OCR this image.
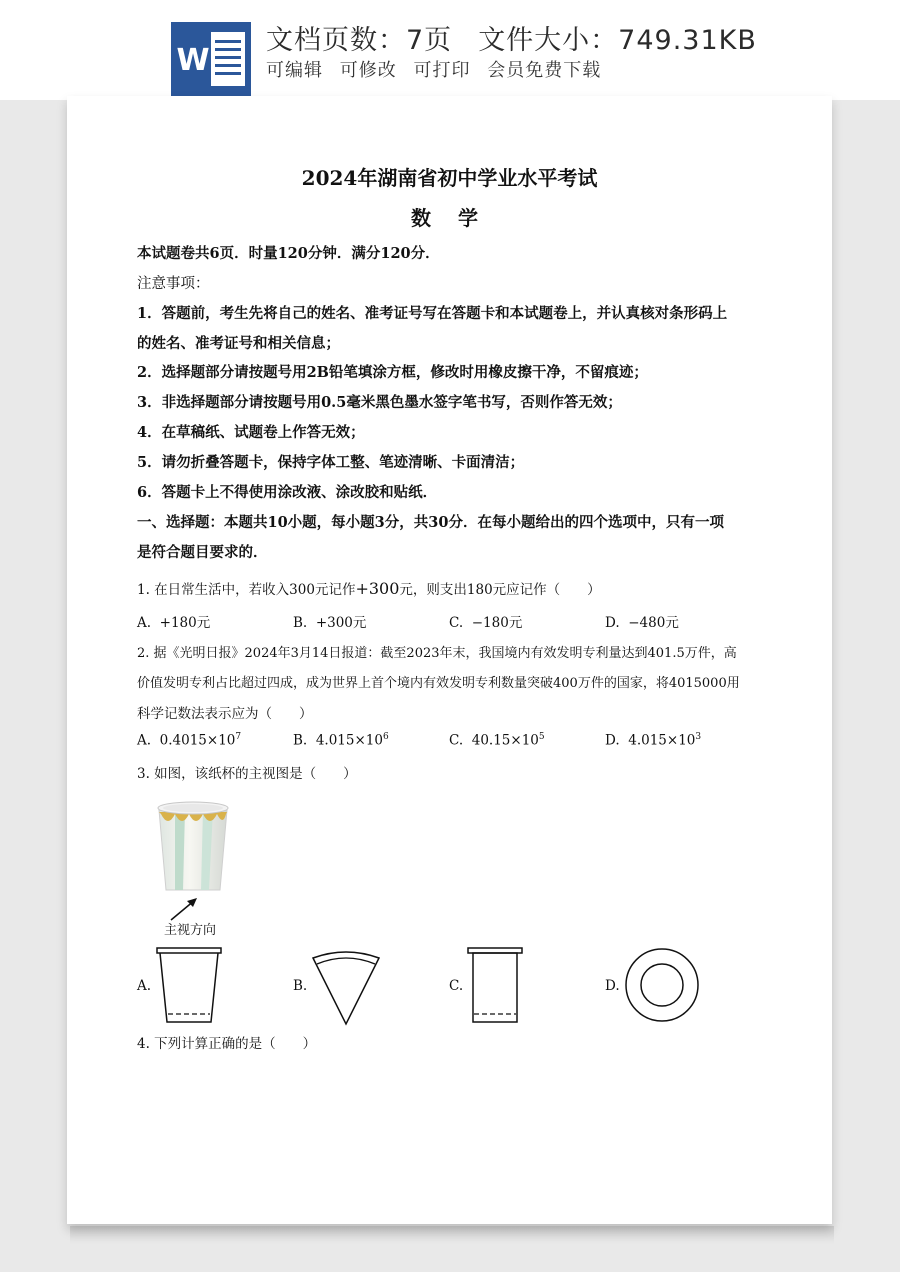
W
文档页数：7页 文件大小：749.31KB
可编辑 可修改 可打印 会员免费下载
2024年湖南省初中学业水平考试
数 学
本试题卷共6页．时量120分钟．满分120分．
注意事项：
1．答题前，考生先将自己的姓名、准考证号写在答题卡和本试题卷上，并认真核对条形码上
的姓名、准考证号和相关信息；
2．选择题部分请按题号用2B铅笔填涂方框，修改时用橡皮擦干净，不留痕迹；
3．非选择题部分请按题号用0.5毫米黑色墨水签字笔书写，否则作答无效；
4．在草稿纸、试题卷上作答无效；
5．请勿折叠答题卡，保持字体工整、笔迹清晰、卡面清洁；
6．答题卡上不得使用涂改液、涂改胶和贴纸．
一、选择题：本题共10小题，每小题3分，共30分．在每小题给出的四个选项中，只有一项
是符合题目要求的．
1. 在日常生活中，若收入300元记作+300元，则支出180元应记作（　　）
A. +180元	B. +300元	C. −180元	D. −480元
2. 据《光明日报》2024年3月14日报道：截至2023年末，我国境内有效发明专利量达到401.5万件，高
价值发明专利占比超过四成，成为世界上首个境内有效发明专利数量突破400万件的国家，将4015000用
科学记数法表示应为（　　）
A. $0.4015\times 10^7$	B. $4.015\times 10^6$	C. $40.15\times 10^5$	D. $4.015\times 10^3$
3. 如图，该纸杯的主视图是（　　）
主视方向
A.	B.	C.	D.
4. 下列计算正确的是（　　）
